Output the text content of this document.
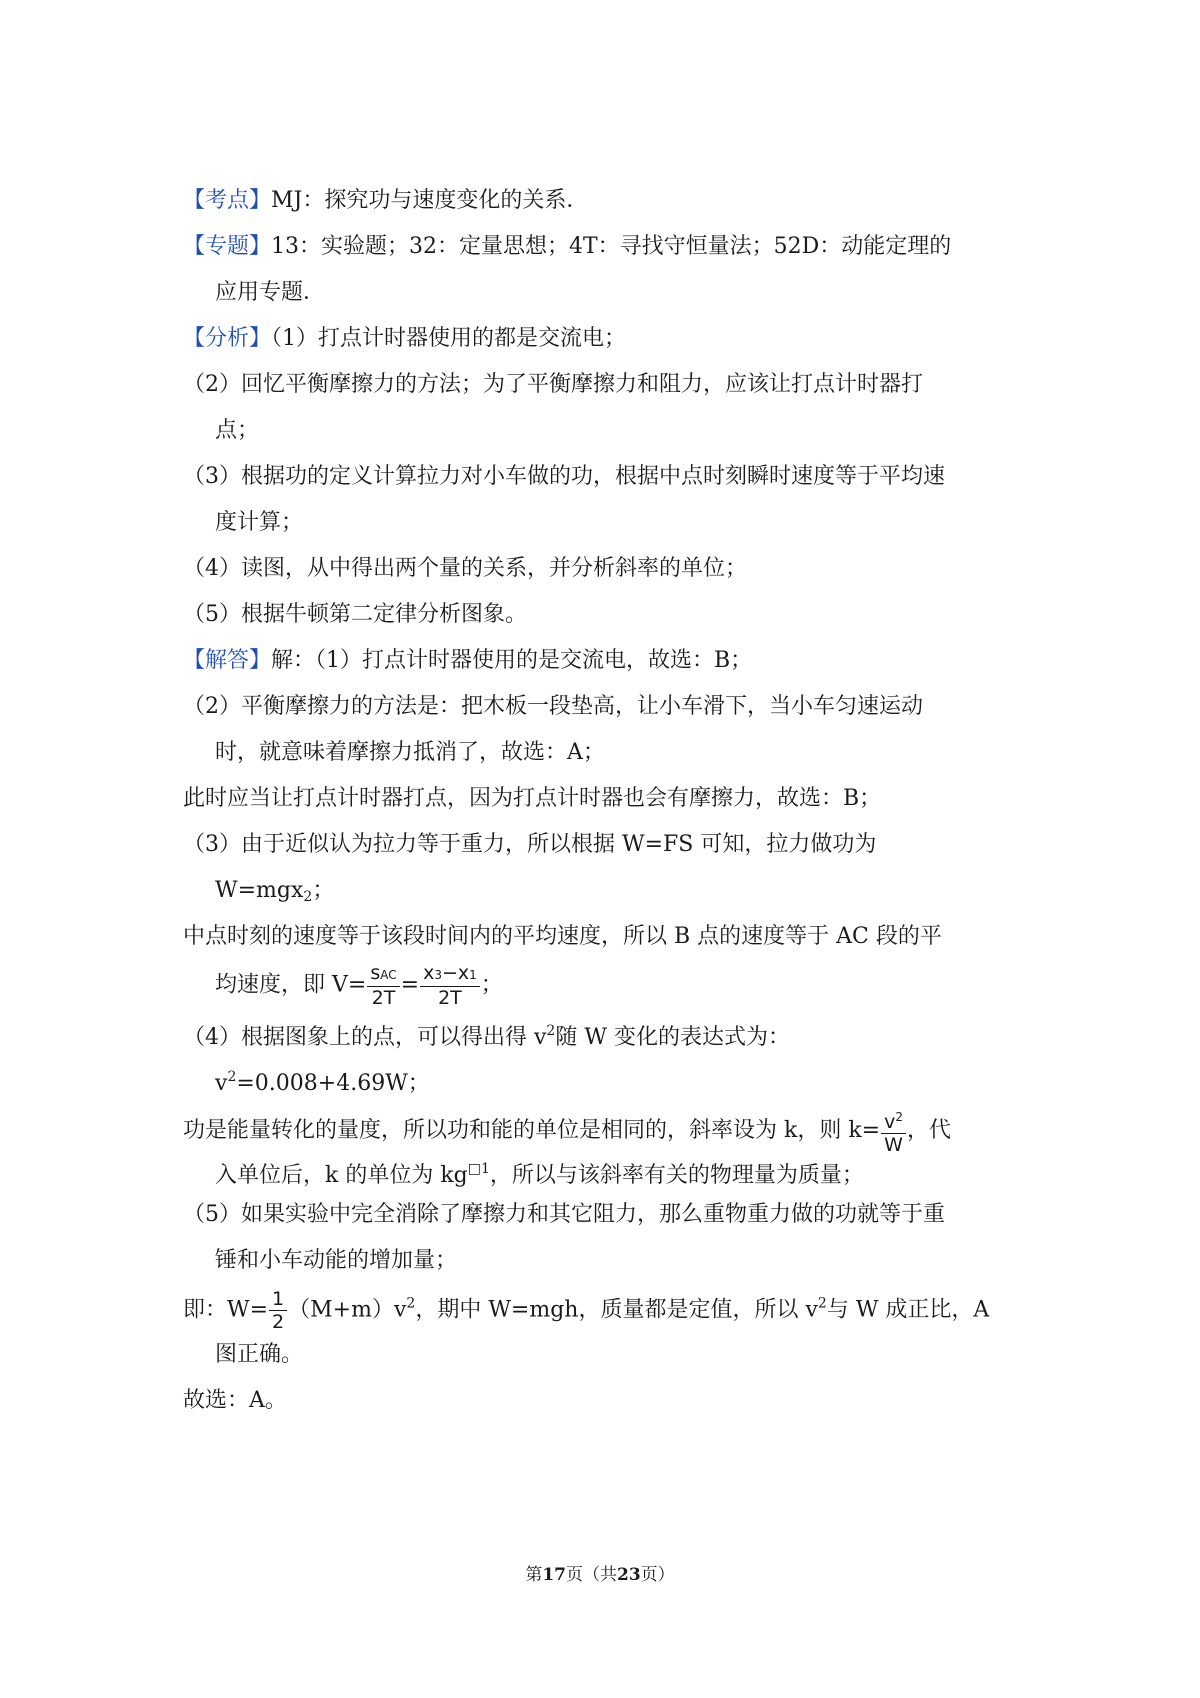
【考点】MJ：探究功与速度变化的关系．
【专题】13：实验题；32：定量思想；4T：寻找守恒量法；52D：动能定理的
应用专题．
【分析】（1）打点计时器使用的都是交流电；
（2）回忆平衡摩擦力的方法；为了平衡摩擦力和阻力，应该让打点计时器打
点；
（3）根据功的定义计算拉力对小车做的功，根据中点时刻瞬时速度等于平均速
度计算；
（4）读图，从中得出两个量的关系，并分析斜率的单位；
（5）根据牛顿第二定律分析图象。
【解答】解：（1）打点计时器使用的是交流电，故选：B；
（2）平衡摩擦力的方法是：把木板一段垫高，让小车滑下，当小车匀速运动
时，就意味着摩擦力抵消了，故选：A；
此时应当让打点计时器打点，因为打点计时器也会有摩擦力，故选：B；
（3）由于近似认为拉力等于重力，所以根据 W=FS 可知，拉力做功为
W=mgx$_2$；
中点时刻的速度等于该段时间内的平均速度，所以 B 点的速度等于 AC 段的平
均速度，即 $V= \frac{\text{sAC}}{2T} = \frac{x3-x1}{2T}$ ；
（4）根据图象上的点，可以得出得 $v^2$随 W 变化的表达式为：
$v^2=0.008+4.69W$；
功是能量转化的量度，所以功和能的单位是相同的，斜率设为 k，则 $k= \frac{v^2}{W}$ ，代
入单位后，k 的单位为 $kg^{□1}$，所以与该斜率有关的物理量为质量；
（5）如果实验中完全消除了摩擦力和其它阻力，那么重物重力做的功就等于重
锤和小车动能的增加量；
即：$W= \frac{1}{2} (M+m)v^2$，期中 W=mgh，质量都是定值，所以 $v^2$与 W 成正比，A
图正确。
故选：A。
第17页（共23页）
